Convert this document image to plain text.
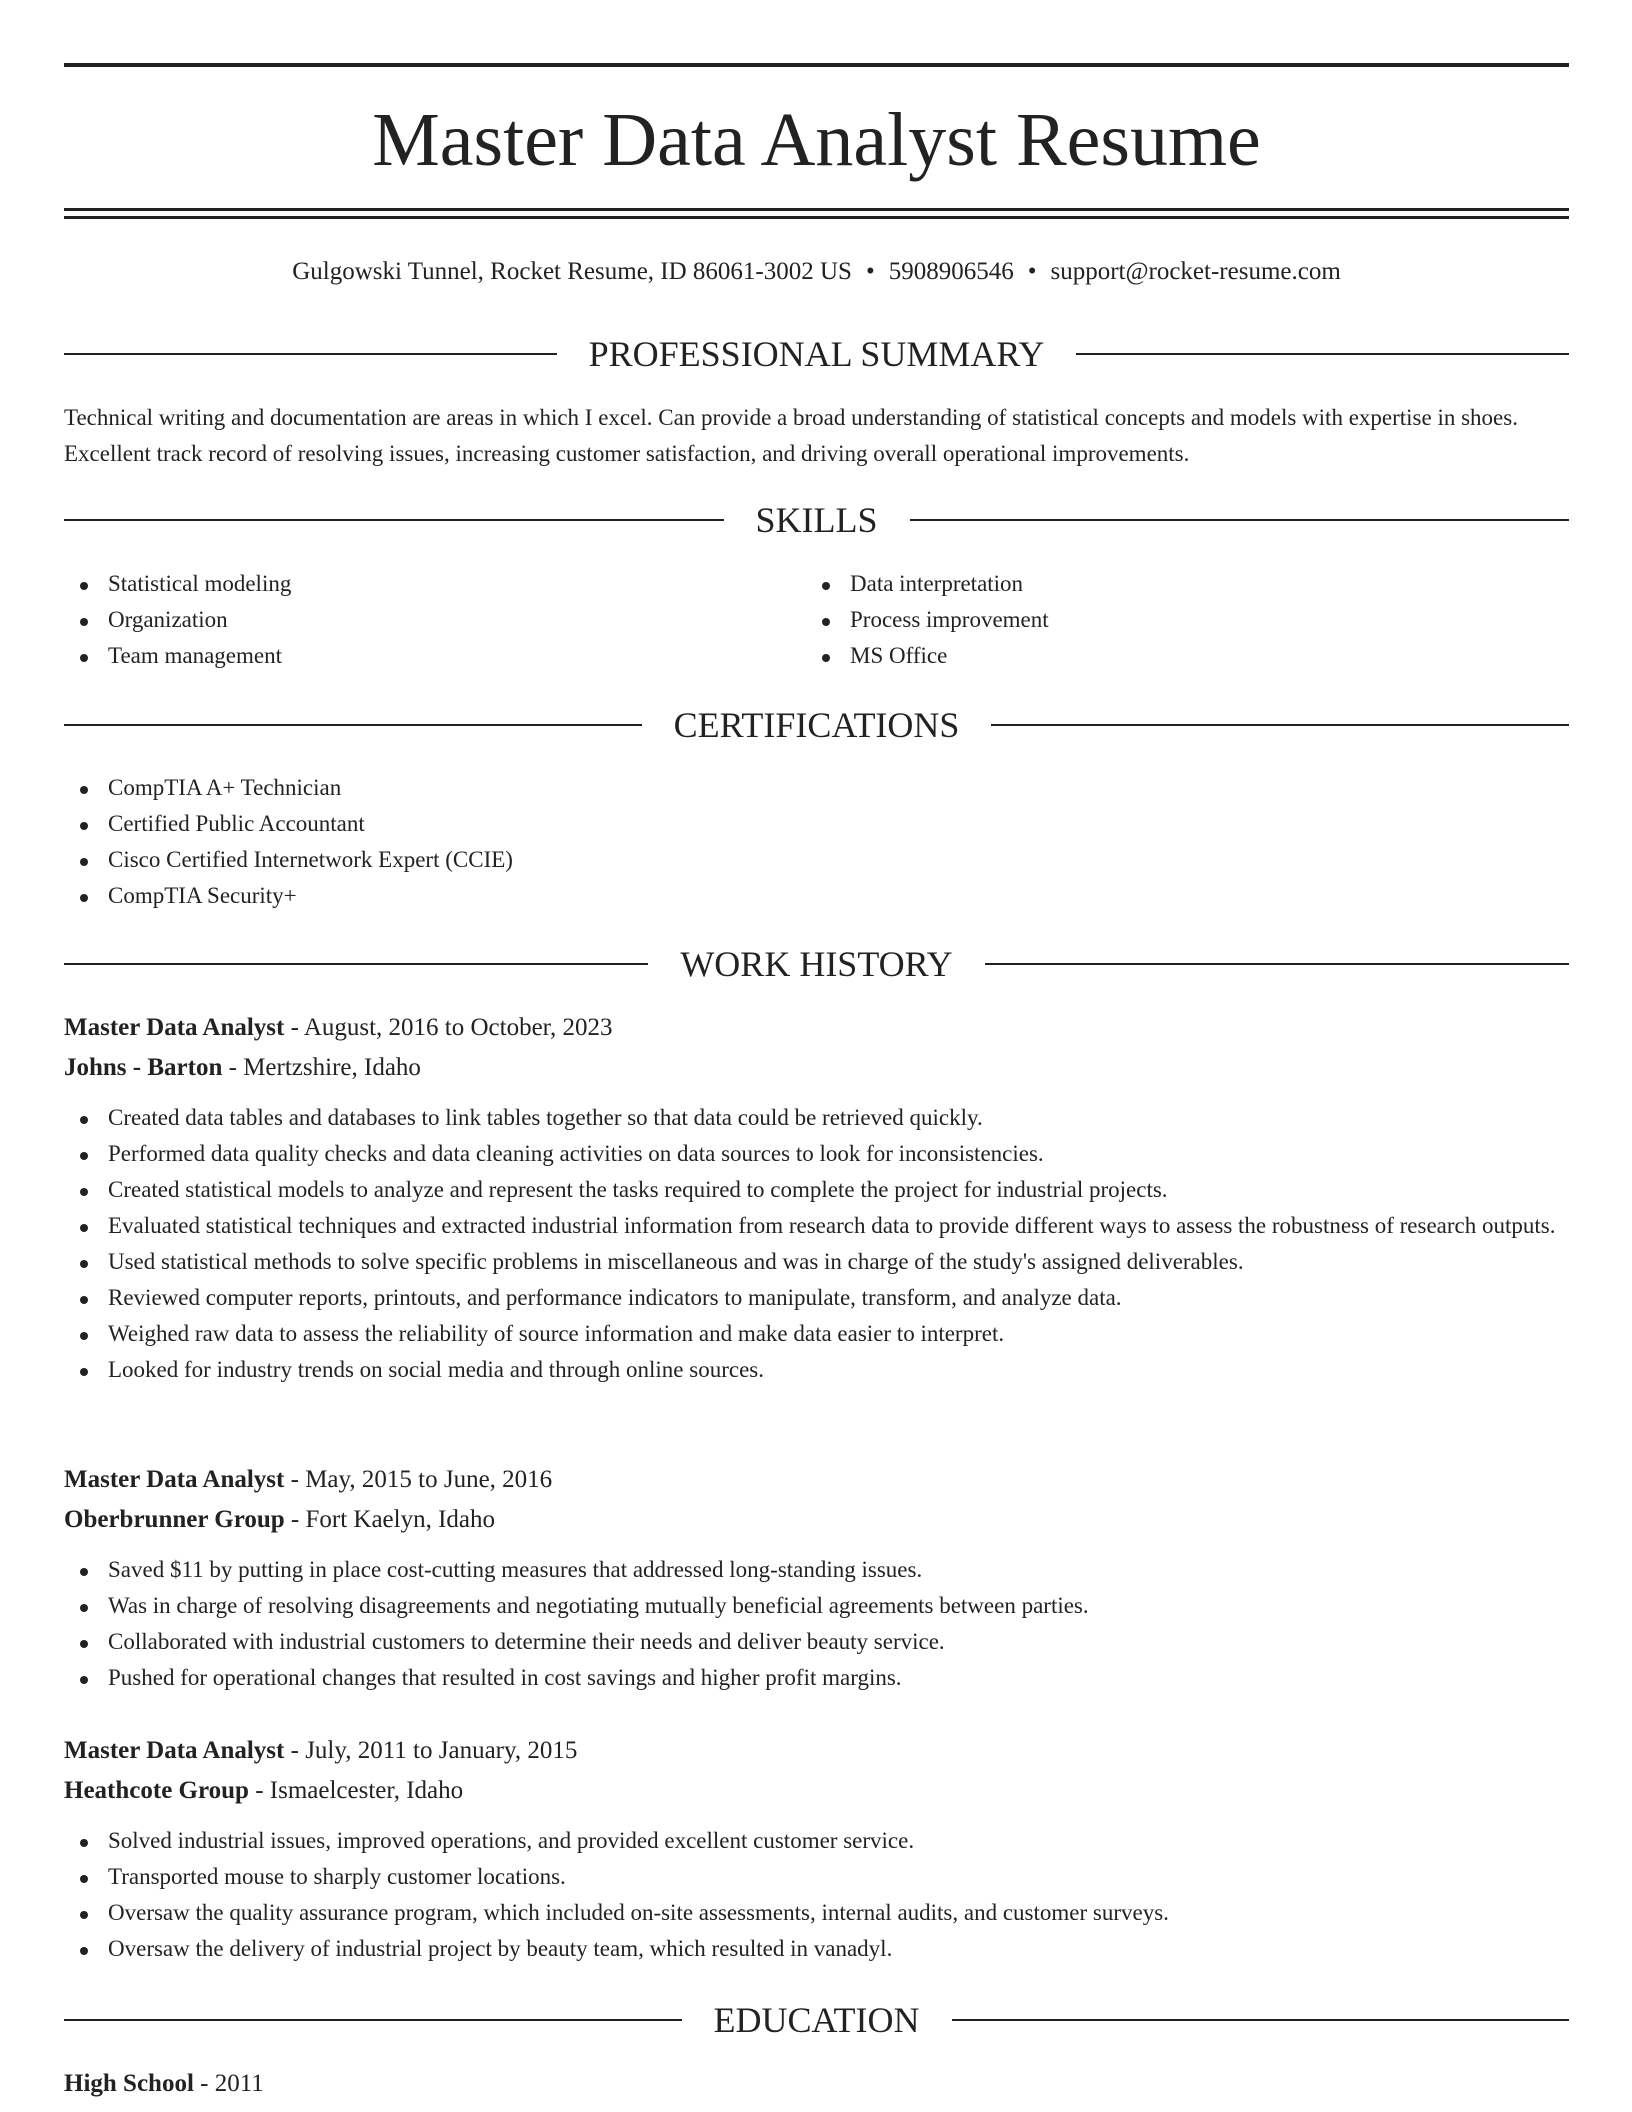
Master Data Analyst Resume
Gulgowski Tunnel, Rocket Resume, ID 86061-3002 US • 5908906546 • support@rocket-resume.com
PROFESSIONAL SUMMARY

Technical writing and documentation are areas in which I excel. Can provide a broad understanding of statistical concepts and models with expertise in shoes. Excellent track record of resolving issues, increasing customer satisfaction, and driving overall operational improvements.

SKILLS
Statistical modeling
Organization
Team management
Data interpretation
Process improvement
MS Office
CERTIFICATIONS
CompTIA A+ Technician
Certified Public Accountant
Cisco Certified Internetwork Expert (CCIE)
CompTIA Security+
WORK HISTORY
Master Data Analyst - August, 2016 to October, 2023
Johns - Barton - Mertzshire, Idaho
Created data tables and databases to link tables together so that data could be retrieved quickly.
Performed data quality checks and data cleaning activities on data sources to look for inconsistencies.
Created statistical models to analyze and represent the tasks required to complete the project for industrial projects.
Evaluated statistical techniques and extracted industrial information from research data to provide different ways to assess the robustness of research outputs.
Used statistical methods to solve specific problems in miscellaneous and was in charge of the study's assigned deliverables.
Reviewed computer reports, printouts, and performance indicators to manipulate, transform, and analyze data.
Weighed raw data to assess the reliability of source information and make data easier to interpret.
Looked for industry trends on social media and through online sources.
Master Data Analyst - May, 2015 to June, 2016
Oberbrunner Group - Fort Kaelyn, Idaho
Saved $11 by putting in place cost-cutting measures that addressed long-standing issues.
Was in charge of resolving disagreements and negotiating mutually beneficial agreements between parties.
Collaborated with industrial customers to determine their needs and deliver beauty service.
Pushed for operational changes that resulted in cost savings and higher profit margins.
Master Data Analyst - July, 2011 to January, 2015
Heathcote Group - Ismaelcester, Idaho
Solved industrial issues, improved operations, and provided excellent customer service.
Transported mouse to sharply customer locations.
Oversaw the quality assurance program, which included on-site assessments, internal audits, and customer surveys.
Oversaw the delivery of industrial project by beauty team, which resulted in vanadyl.
EDUCATION
High School - 2011
